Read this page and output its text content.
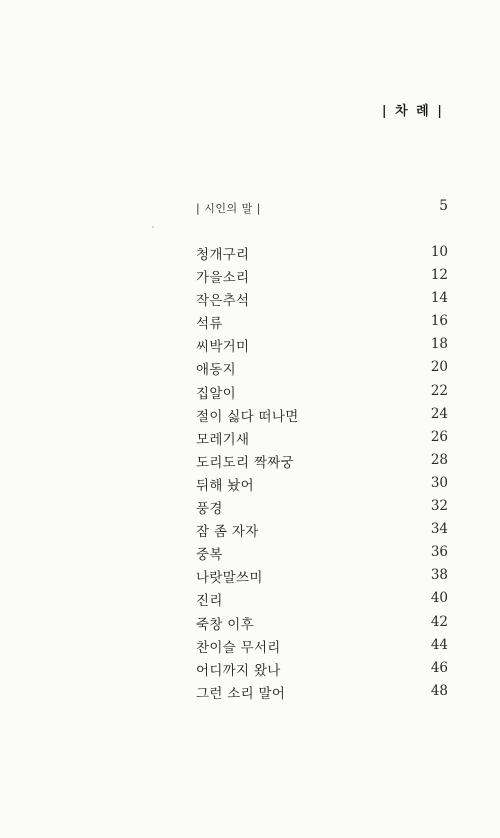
| 차 례 |
| 시인의 말 |	5
청개구리	10
가을소리	12
작은추석	14
석류	16
씨박거미	18
애동지	20
집알이	22
절이 싫다 떠나면	24
모레기새	26
도리도리 짝짜궁	28
뒤해 놨어	30
풍경	32
잠 좀 자자	34
중복	36
나랏말쓰미	38
진리	40
죽창 이후	42
찬이슬 무서리	44
어디까지 왔나	46
그런 소리 말어	48
